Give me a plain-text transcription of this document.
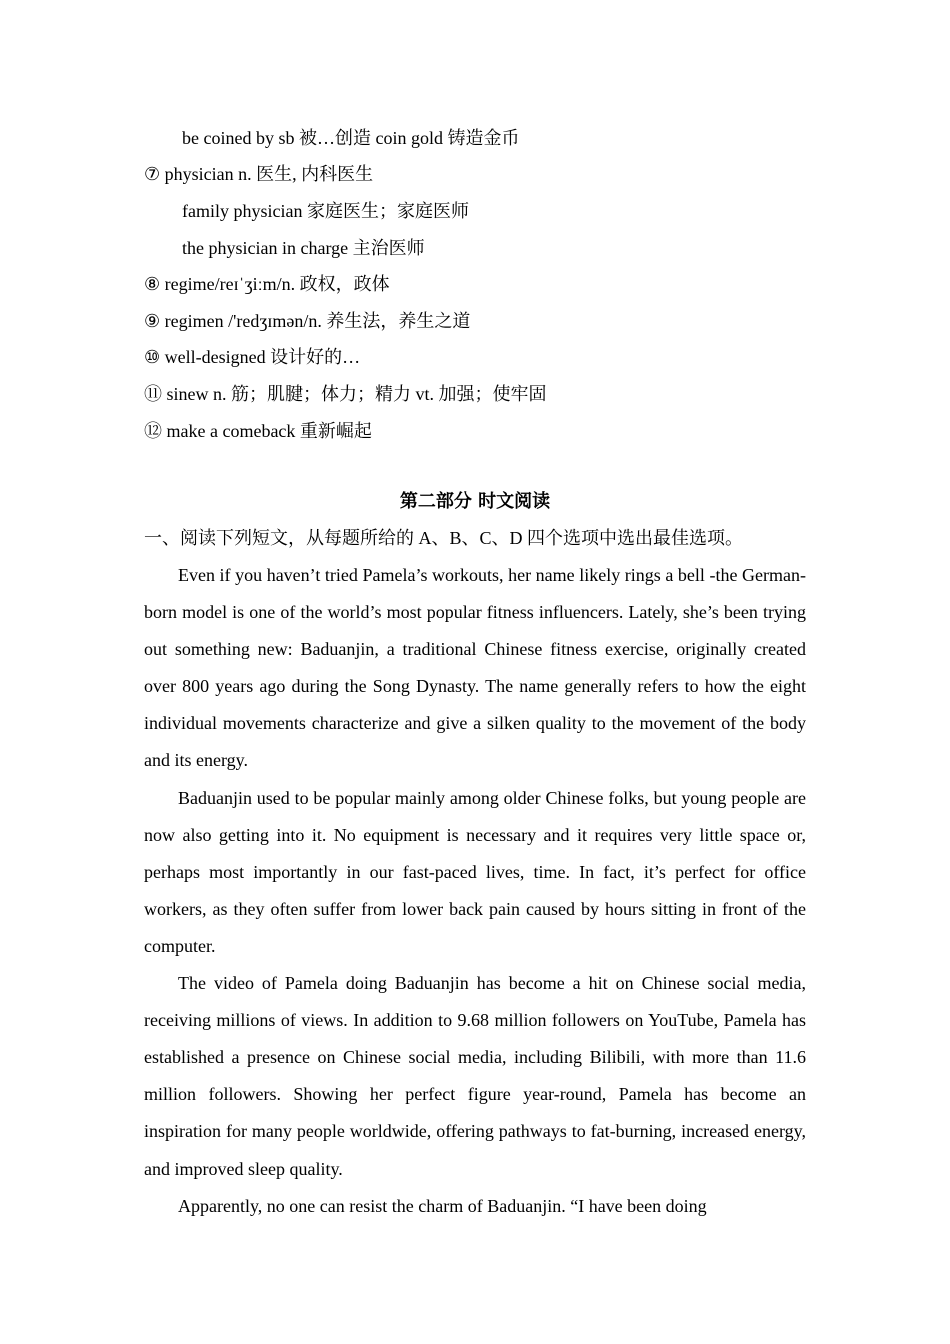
be coined by sb 被…创造 coin gold 铸造金币
⑦ physician n. 医生, 内科医生
family physician 家庭医生；家庭医师
the physician in charge 主治医师
⑧ regime/reɪˈʒiːm/n. 政权，政体
⑨ regimen /'redʒɪmən/n. 养生法，养生之道
⑩ well-designed 设计好的…
⑪ sinew n. 筋；肌腱；体力；精力 vt. 加强；使牢固
⑫ make a comeback 重新崛起
第二部分 时文阅读
一、阅读下列短文，从每题所给的 A、B、C、D 四个选项中选出最佳选项。

Even if you haven’t tried Pamela’s workouts, her name likely rings a bell -the German-born model is one of the world’s most popular fitness influencers. Lately, she’s been trying out something new: Baduanjin, a traditional Chinese fitness exercise, originally created over 800 years ago during the Song Dynasty. The name generally refers to how the eight individual movements characterize and give a silken quality to the movement of the body and its energy.

Baduanjin used to be popular mainly among older Chinese folks, but young people are now also getting into it. No equipment is necessary and it requires very little space or, perhaps most importantly in our fast-paced lives, time. In fact, it’s perfect for office workers, as they often suffer from lower back pain caused by hours sitting in front of the computer.

The video of Pamela doing Baduanjin has become a hit on Chinese social media, receiving millions of views. In addition to 9.68 million followers on YouTube, Pamela has established a presence on Chinese social media, including Bilibili, with more than 11.6 million followers. Showing her perfect figure year-round, Pamela has become an inspiration for many people worldwide, offering pathways to fat-burning, increased energy, and improved sleep quality.

Apparently, no one can resist the charm of Baduanjin. “I have been doing
